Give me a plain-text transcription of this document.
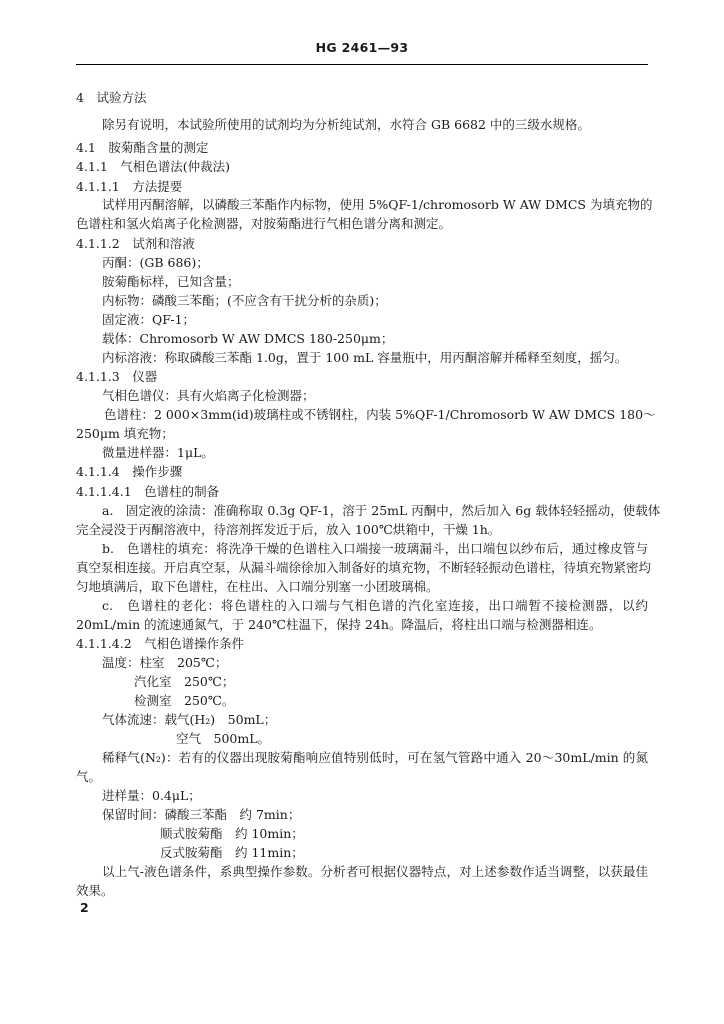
HG 2461—93
4　试验方法
除另有说明，本试验所使用的试剂均为分析纯试剂，水符合 GB 6682 中的三级水规格。
4.1　胺菊酯含量的测定
4.1.1　气相色谱法(仲裁法)
4.1.1.1　方法提要
试样用丙酮溶解，以磷酸三苯酯作内标物，使用 5%QF-1/chromosorb W AW DMCS 为填充物的
色谱柱和氢火焰离子化检测器，对胺菊酯进行气相色谱分离和测定。
4.1.1.2　试剂和溶液
丙酮：(GB 686)；
胺菊酯标样，已知含量；
内标物：磷酸三苯酯；(不应含有干扰分析的杂质)；
固定液：QF-1；
载体：Chromosorb W AW DMCS 180-250μm；
内标溶液：称取磷酸三苯酯 1.0g，置于 100 mL 容量瓶中，用丙酮溶解并稀释至刻度，摇匀。
4.1.1.3　仪器
气相色谱仪：具有火焰离子化检测器；
色谱柱：2 000×3mm(id)玻璃柱或不锈钢柱，内装 5%QF-1/Chromosorb W AW DMCS 180～
250μm 填充物；
微量进样器：1μL。
4.1.1.4　操作步骤
4.1.1.4.1　色谱柱的制备
a.　固定液的涂渍：准确称取 0.3g QF-1，溶于 25mL 丙酮中，然后加入 6g 载体轻轻摇动，使载体
完全浸没于丙酮溶液中，待溶剂挥发近于后，放入 100℃烘箱中，干燥 1h。
b.　色谱柱的填充：将洗净干燥的色谱柱入口端接一玻璃漏斗，出口端包以纱布后，通过橡皮管与
真空泵相连接。开启真空泵，从漏斗端徐徐加入制备好的填充物，不断轻轻振动色谱柱，待填充物紧密均
匀地填满后，取下色谱柱，在柱出、入口端分别塞一小团玻璃棉。
c.　色谱柱的老化：将色谱柱的入口端与气相色谱的汽化室连接，出口端暂不接检测器，以约
20mL/min 的流速通氮气，于 240℃柱温下，保持 24h。降温后，将柱出口端与检测器相连。
4.1.1.4.2　气相色谱操作条件
温度：柱室　205℃；
汽化室　250℃；
检测室　250℃。
气体流速：载气(H₂)　50mL；
空气　500mL。
稀释气(N₂)：若有的仪器出现胺菊酯响应值特别低时，可在氢气管路中通入 20～30mL/min 的氮
气。
进样量：0.4μL；
保留时间：磷酸三苯酯　约 7min；
顺式胺菊酯　约 10min；
反式胺菊酯　约 11min；
以上气-液色谱条件，系典型操作参数。分析者可根据仪器特点，对上述参数作适当调整，以获最佳
效果。
2
